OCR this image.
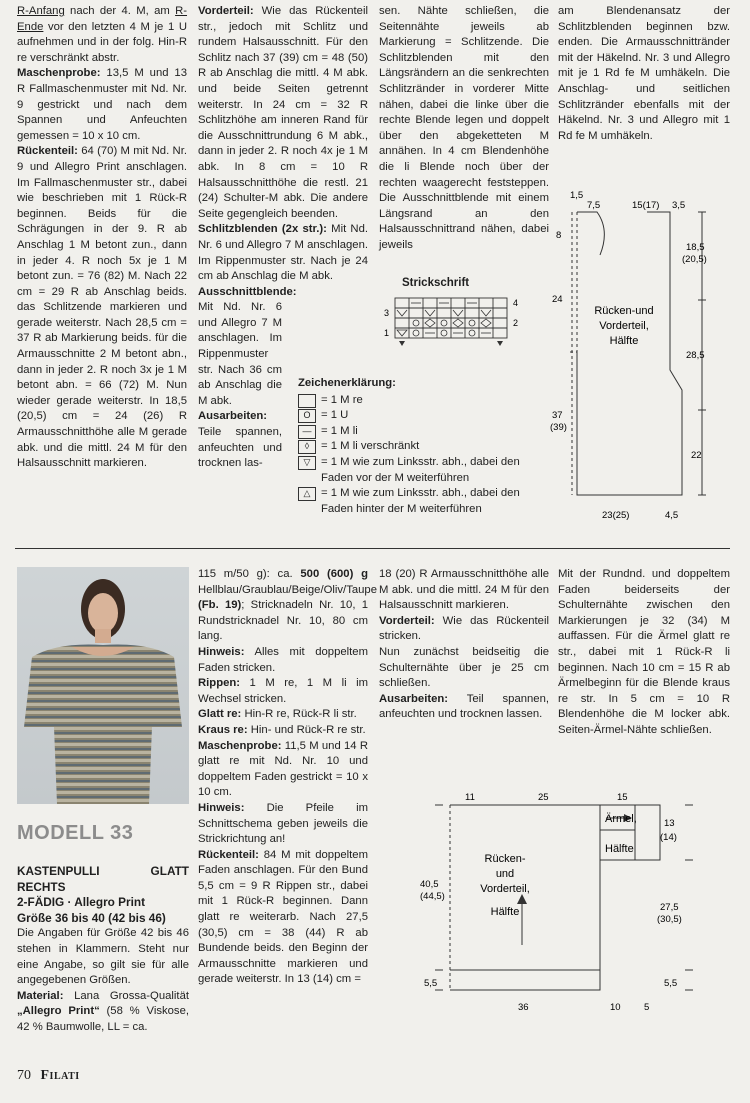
R-Anfang nach der 4. M, am R-Ende vor den letzten 4 M je 1 U aufnehmen und in der folg. Hin-R re verschränkt abstr.

Maschenprobe: 13,5 M und 13 R Fallmaschenmuster mit Nd. Nr. 9 gestrickt und nach dem Spannen und Anfeuchten gemessen = 10 x 10 cm.

Rückenteil: 64 (70) M mit Nd. Nr. 9 und Allegro Print anschlagen. Im Fallmaschenmuster str., dabei wie beschrieben mit 1 Rück-R beginnen. Beids für die Schrägungen in der 9. R ab Anschlag 1 M betont zun., dann in jeder 4. R noch 5x je 1 M betont zun. = 76 (82) M. Nach 22 cm = 29 R ab Anschlag beids. das Schlitzende markieren und gerade weiterstr. Nach 28,5 cm = 37 R ab Markierung beids. für die Armausschnitte 2 M betont abn., dann in jeder 2. R noch 3x je 1 M betont abn. = 66 (72) M. Nun wieder gerade weiterstr. In 18,5 (20,5) cm = 24 (26) R Armausschnitthöhe alle M gerade abk. und die mittl. 24 M für den Halsausschnitt markieren.

Vorderteil: Wie das Rückenteil str., jedoch mit Schlitz und rundem Halsausschnitt. Für den Schlitz nach 37 (39) cm = 48 (50) R ab Anschlag die mittl. 4 M abk. und beide Seiten getrennt weiterstr. In 24 cm = 32 R Schlitzhöhe am inneren Rand für die Ausschnittrundung 6 M abk., dann in jeder 2. R noch 4x je 1 M abk. In 8 cm = 10 R Halsausschnitthöhe die restl. 21 (24) Schulter-M abk. Die andere Seite gegengleich beenden.

Schlitzblenden (2x str.): Mit Nd. Nr. 6 und Allegro 7 M anschlagen. Im Rippenmuster str. Nach je 24 cm ab Anschlag die M abk.

Ausschnittblende: Mit Nd. Nr. 6 und Allegro 7 M anschlagen. Im Rippenmuster str. Nach 36 cm ab Anschlag die M abk.

Ausarbeiten: Teile spannen, anfeuchten und trocknen las-

sen. Nähte schließen, die Seitennähte jeweils ab Markierung = Schlitzende. Die Schlitzblenden mit den Längsrändern an die senkrechten Schlitzränder in vorderer Mitte nähen, dabei die linke über die rechte Blende legen und doppelt über den abgeketteten M annähen. In 4 cm Blendenhöhe die li Blende noch über der rechten waagerecht feststeppen. Die Ausschnittblende mit einem Längsrand an den Halsausschnittrand nähen, dabei jeweils

am Blendenansatz der Schlitzblenden beginnen bzw. enden. Die Armausschnittränder mit der Häkelnd. Nr. 3 und Allegro mit je 1 Rd fe M umhäkeln. Die Anschlag- und seitlichen Schlitzränder ebenfalls mit der Häkelnd. Nr. 3 und Allegro mit 1 Rd fe M umhäkeln.

Strickschrift
4
3
2
1
Zeichenerklärung:
= 1 M re
O = 1 U
— = 1 M li
◊	= 1 M li verschränkt
▽ = 1 M wie zum Linksstr. abh., dabei den Faden vor der M weiterführen
△ = 1 M wie zum Linksstr. abh., dabei den Faden hinter der M weiterführen
1,5
7,5	15(17) 3,5
8
24
37
(39)
18,5
(20,5)
28,5
22
23(25)	4,5
Rücken-und
Vorderteil,
Hälfte
MODELL 33

KASTENPULLI GLATT RECHTS

2-FÄDIG · Allegro Print

Größe 36 bis 40 (42 bis 46)

Die Angaben für Größe 42 bis 46 stehen in Klammern. Steht nur eine Angabe, so gilt sie für alle angegebenen Größen.

Material: Lana Grossa-Qualität „Allegro Print“ (58 % Viskose, 42 % Baumwolle, LL = ca.

115 m/50 g): ca. 500 (600) g Hellblau/Graublau/Beige/Oliv/Taupe (Fb. 19); Stricknadeln Nr. 10, 1 Rundstricknadel Nr. 10, 80 cm lang.

Hinweis: Alles mit doppeltem Faden stricken.

Rippen: 1 M re, 1 M li im Wechsel stricken.

Glatt re: Hin-R re, Rück-R li str.

Kraus re: Hin- und Rück-R re str.

Maschenprobe: 11,5 M und 14 R glatt re mit Nd. Nr. 10 und doppeltem Faden gestrickt = 10 x 10 cm.

Hinweis: Die Pfeile im Schnittschema geben jeweils die Strickrichtung an!

Rückenteil: 84 M mit doppeltem Faden anschlagen. Für den Bund 5,5 cm = 9 R Rippen str., dabei mit 1 Rück-R beginnen. Dann glatt re weiterarb. Nach 27,5 (30,5) cm = 38 (44) R ab Bundende beids. den Beginn der Armausschnitte markieren und gerade weiterstr. In 13 (14) cm =

18 (20) R Armausschnitthöhe alle M abk. und die mittl. 24 M für den Halsausschnitt markieren.

Vorderteil: Wie das Rückenteil stricken.

Nun zunächst beidseitig die Schulternähte über je 25 cm schließen.

Ausarbeiten: Teil spannen, anfeuchten und trocknen lassen.

Mit der Rundnd. und doppeltem Faden beiderseits der Schulternähte zwischen den Markierungen je 32 (34) M auffassen. Für die Ärmel glatt re str., dabei mit 1 Rück-R li beginnen. Nach 10 cm = 15 R ab Ärmelbeginn für die Blende kraus re str. In 5 cm = 10 R Blendenhöhe die M locker abk. Seiten-Ärmel-Nähte schließen.

11	25	15
40,5
(44,5)
5,5
13
(14)
27,5
(30,5)
5,5
36	10 5
Ärmel,
Hälfte
Rücken-
und
Vorderteil,
Hälfte
70 Filati
